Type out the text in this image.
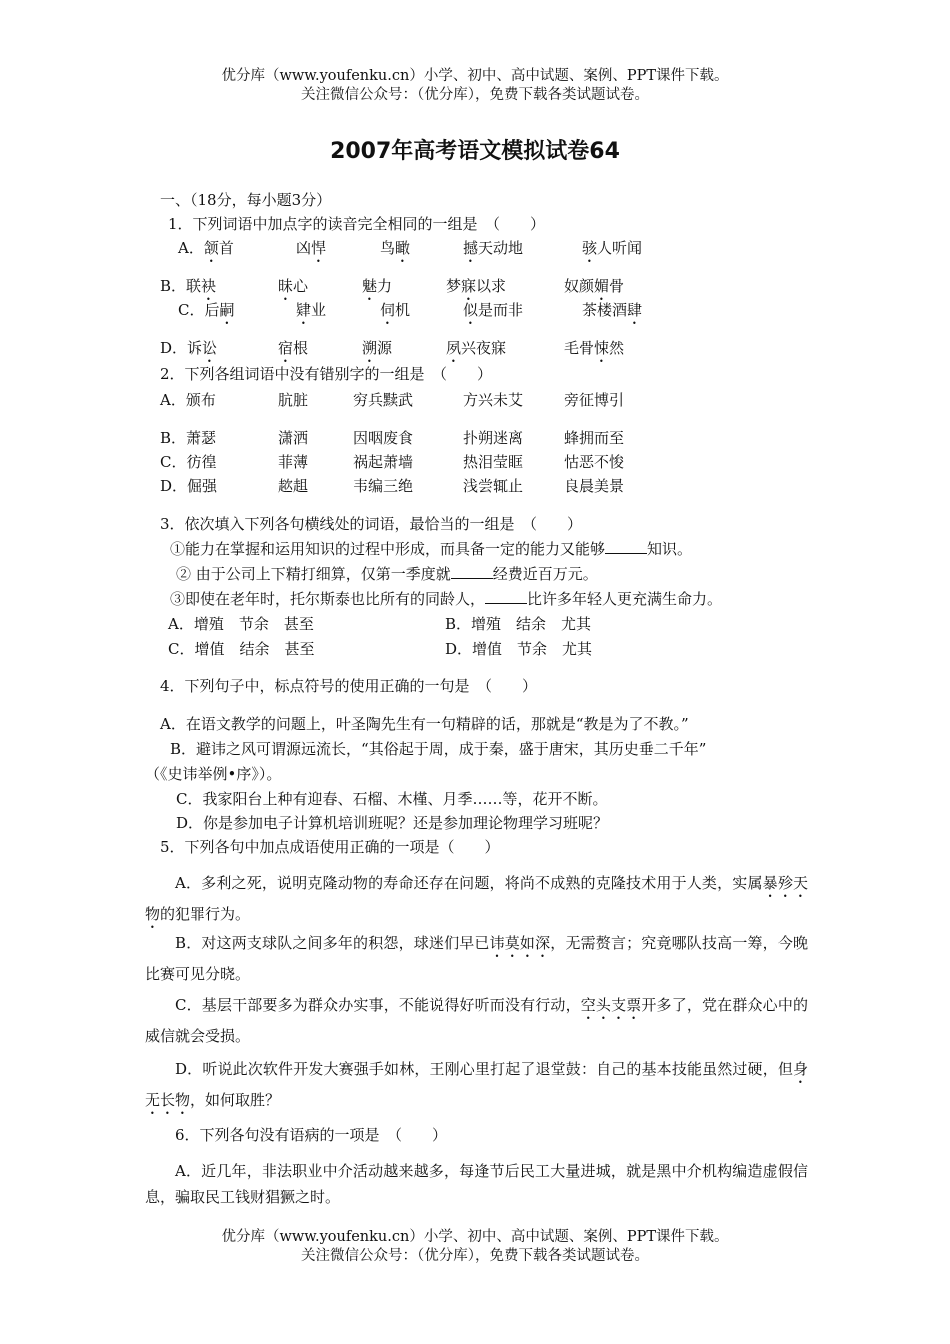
优分库（www.youfenku.cn）小学、初中、高中试题、案例、PPT课件下载。
关注微信公众号：（优分库），免费下载各类试题试卷。
2007年高考语文模拟试卷64
一、（18分，每小题3分）
1．下列词语中加点字的读音完全相同的一组是　（　　）
A．颔首	凶悍	鸟瞰	撼天动地	骇人听闻
B．联袂	昧心	魅力	梦寐以求	奴颜媚骨
C．后嗣	肄业	伺机	似是而非	茶楼酒肆
D．诉讼	宿根	溯源	夙兴夜寐	毛骨悚然
2．下列各组词语中没有错别字的一组是　（　　）
A．颁布	肮脏	穷兵黩武	方兴未艾	旁征博引
B．萧瑟	潇洒	因咽废食	扑朔迷离	蜂拥而至
C．彷徨	菲薄	祸起萧墙	热泪莹眶	怙恶不悛
D．倔强	趑趄	韦编三绝	浅尝辄止	良晨美景
3．依次填入下列各句横线处的词语，最恰当的一组是　（　　）
①能力在掌握和运用知识的过程中形成，而具备一定的能力又能够	知识。
② 由于公司上下精打细算，仅第一季度就	经费近百万元。
③即使在老年时，托尔斯泰也比所有的同龄人，	比许多年轻人更充满生命力。
A．增殖　节余　甚至	B．增殖　结余　尤其
C．增值　结余　甚至	D．增值　节余　尤其
4．下列句子中，标点符号的使用正确的一句是　（　　）
A．在语文教学的问题上，叶圣陶先生有一句精辟的话，那就是“教是为了不教。”
B．避讳之风可谓源远流长，“其俗起于周，成于秦，盛于唐宋，其历史垂二千年”
（《史讳举例•序》）。
C．我家阳台上种有迎春、石榴、木槿、月季……等，花开不断。
D．你是参加电子计算机培训班呢？还是参加理论物理学习班呢？
5．下列各句中加点成语使用正确的一项是（　　）
A．多利之死，说明克隆动物的寿命还存在问题，将尚不成熟的克隆技术用于人类，实属暴殄天物的犯罪行为。
B．对这两支球队之间多年的积怨，球迷们早已讳莫如深，无需赘言；究竟哪队技高一筹，今晚比赛可见分晓。
C．基层干部要多为群众办实事，不能说得好听而没有行动，空头支票开多了，党在群众心中的威信就会受损。
D．听说此次软件开发大赛强手如林，王刚心里打起了退堂鼓：自己的基本技能虽然过硬，但身无长物，如何取胜？
6．下列各句没有语病的一项是　（　　）
A．近几年，非法职业中介活动越来越多，每逢节后民工大量进城，就是黑中介机构编造虚假信息，骗取民工钱财猖獗之时。
优分库（www.youfenku.cn）小学、初中、高中试题、案例、PPT课件下载。
关注微信公众号：（优分库），免费下载各类试题试卷。
